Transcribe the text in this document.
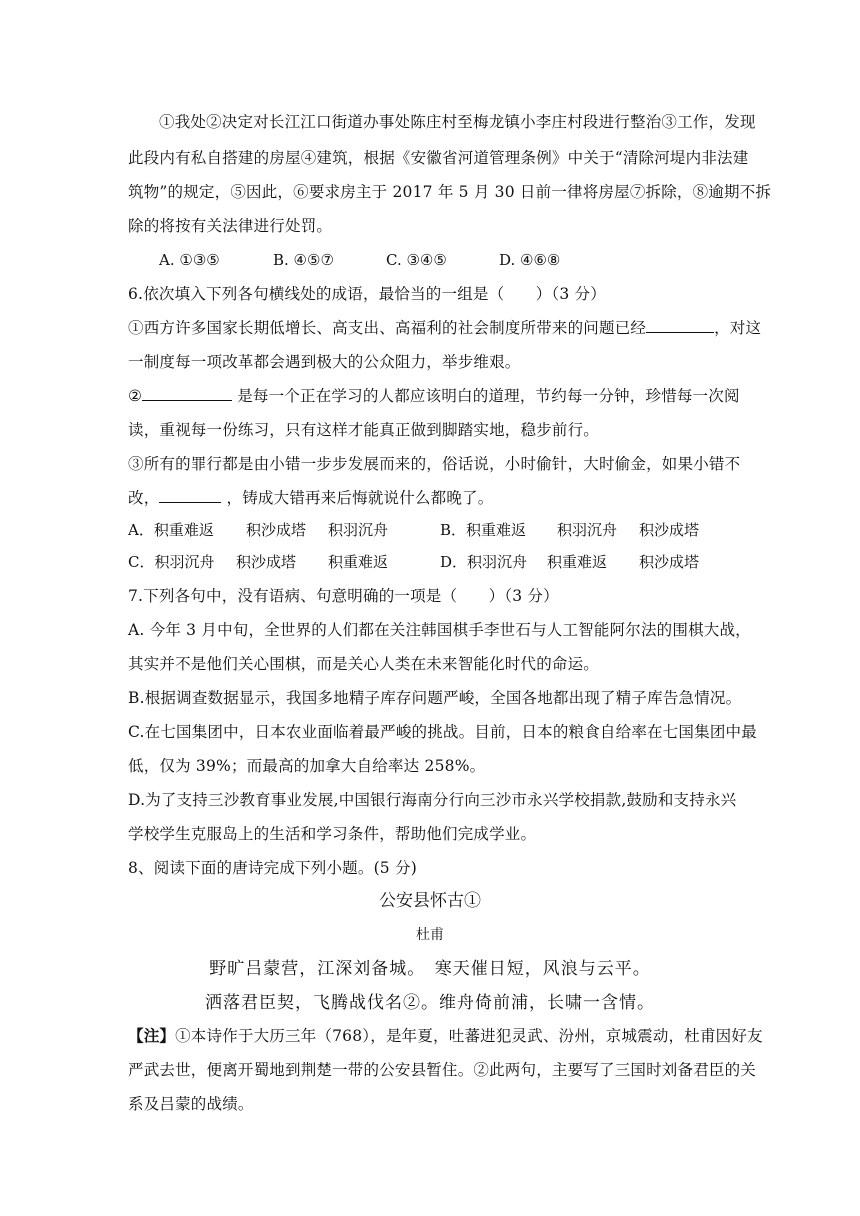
①我处②决定对长江江口街道办事处陈庄村至梅龙镇小李庄村段进行整治③工作，发现
此段内有私自搭建的房屋④建筑，根据《安徽省河道管理条例》中关于“清除河堤内非法建
筑物”的规定，⑤因此，⑥要求房主于 2017 年 5 月 30 日前一律将房屋⑦拆除，⑧逾期不拆
除的将按有关法律进行处罚。
A. ①③⑤	B. ④⑤⑦	C. ③④⑤	D. ④⑥⑧
6.依次填入下列各句横线处的成语，最恰当的一组是（　　）（3 分）
①西方许多国家长期低增长、高支出、高福利的社会制度所带来的问题已经	，对这
一制度每一项改革都会遇到极大的公众阻力，举步维艰。
②	是每一个正在学习的人都应该明白的道理，节约每一分钟，珍惜每一次阅
读，重视每一份练习，只有这样才能真正做到脚踏实地，稳步前行。
③所有的罪行都是由小错一步步发展而来的，俗话说，小时偷针，大时偷金，如果小错不
改，	，铸成大错再来后悔就说什么都晚了。
A．积重难返 积沙成塔 积羽沉舟	B．积重难返 积羽沉舟 积沙成塔
C．积羽沉舟 积沙成塔 积重难返	D．积羽沉舟 积重难返 积沙成塔
7.下列各句中，没有语病、句意明确的一项是（　　）（3 分）
A. 今年 3 月中旬，全世界的人们都在关注韩国棋手李世石与人工智能阿尔法的围棋大战，
其实并不是他们关心围棋，而是关心人类在未来智能化时代的命运。
B.根据调查数据显示，我国多地精子库存问题严峻，全国各地都出现了精子库告急情况。
C.在七国集团中，日本农业面临着最严峻的挑战。目前，日本的粮食自给率在七国集团中最
低，仅为 39%；而最高的加拿大自给率达 258%。
D.为了支持三沙教育事业发展,中国银行海南分行向三沙市永兴学校捐款,鼓励和支持永兴
学校学生克服岛上的生活和学习条件，帮助他们完成学业。
8、阅读下面的唐诗完成下列小题。(5 分)
公安县怀古①
杜甫
野旷吕蒙营，江深刘备城。　寒天催日短，风浪与云平。
洒落君臣契，飞腾战伐名②。维舟倚前浦，长啸一含情。
【注】①本诗作于大历三年（768），是年夏，吐蕃进犯灵武、汾州，京城震动，杜甫因好友
严武去世，便离开蜀地到荆楚一带的公安县暂住。②此两句，主要写了三国时刘备君臣的关
系及吕蒙的战绩。
